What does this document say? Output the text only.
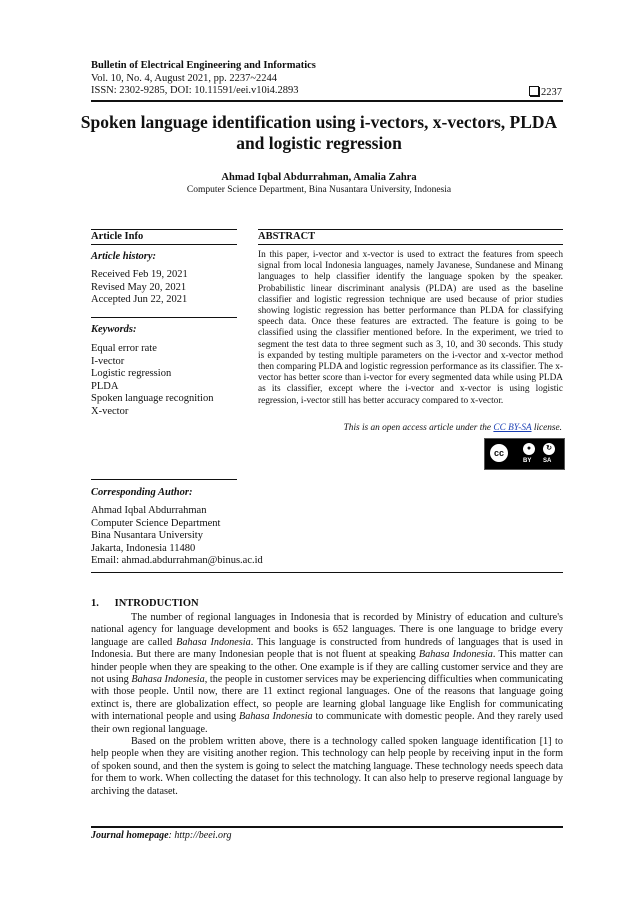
Bulletin of Electrical Engineering and Informatics
Vol. 10, No. 4, August 2021, pp. 2237~2244
ISSN: 2302-9285, DOI: 10.11591/eei.v10i4.2893	2237
Spoken language identification using i-vectors, x-vectors, PLDA
and logistic regression
Ahmad Iqbal Abdurrahman, Amalia Zahra
Computer Science Department, Bina Nusantara University, Indonesia
Article Info
Article history:
Received Feb 19, 2021
Revised May 20, 2021
Accepted Jun 22, 2021
Keywords:
Equal error rate
I-vector
Logistic regression
PLDA
Spoken language recognition
X-vector
ABSTRACT
In this paper, i-vector and x-vector is used to extract the features from speech signal from local Indonesia languages, namely Javanese, Sundanese and Minang languages to help classifier identify the language spoken by the speaker. Probabilistic linear discriminant analysis (PLDA) are used as the baseline classifier and logistic regression technique are used because of prior studies showing logistic regression has better performance than PLDA for classifying speech data. Once these features are extracted. The feature is going to be classified using the classifier mentioned before. In the experiment, we tried to segment the test data to three segment such as 3, 10, and 30 seconds. This study is expanded by testing multiple parameters on the i-vector and x-vector method then comparing PLDA and logistic regression performance as its classifier. The x-vector has better score than i-vector for every segmented data while using PLDA as its classifier, except where the i-vector and x-vector is using logistic regression, i-vector still has better accuracy compared to x-vector.
This is an open access article under the CC BY-SA license.
cc	●	↻
BY SA
Corresponding Author:
Ahmad Iqbal Abdurrahman
Computer Science Department
Bina Nusantara University
Jakarta, Indonesia 11480
Email: ahmad.abdurrahman@binus.ac.id
1.      INTRODUCTION

The number of regional languages in Indonesia that is recorded by Ministry of education and culture's national agency for language development and books is 652 languages. There is one language to bridge every language are called Bahasa Indonesia. This language is constructed from hundreds of languages that is used in Indonesia. But there are many Indonesian people that is not fluent at speaking Bahasa Indonesia. This matter can hinder people when they are speaking to the other. One example is if they are calling customer service and they are not using Bahasa Indonesia, the people in customer services may be experiencing difficulties when communicating with those people. Until now, there are 11 extinct regional languages. One of the reasons that language going extinct is, there are globalization effect, so people are learning global language like English for communicating with international people and using Bahasa Indonesia to communicate with domestic people. And they rarely used their own regional language.

Based on the problem written above, there is a technology called spoken language identification [1] to help people when they are visiting another region. This technology can help people by receiving input in the form of spoken sound, and then the system is going to select the matching language. These technology needs speech data for them to work. When collecting the dataset for this technology. It can also help to preserve regional language by archiving the dataset.

Journal homepage: http://beei.org
